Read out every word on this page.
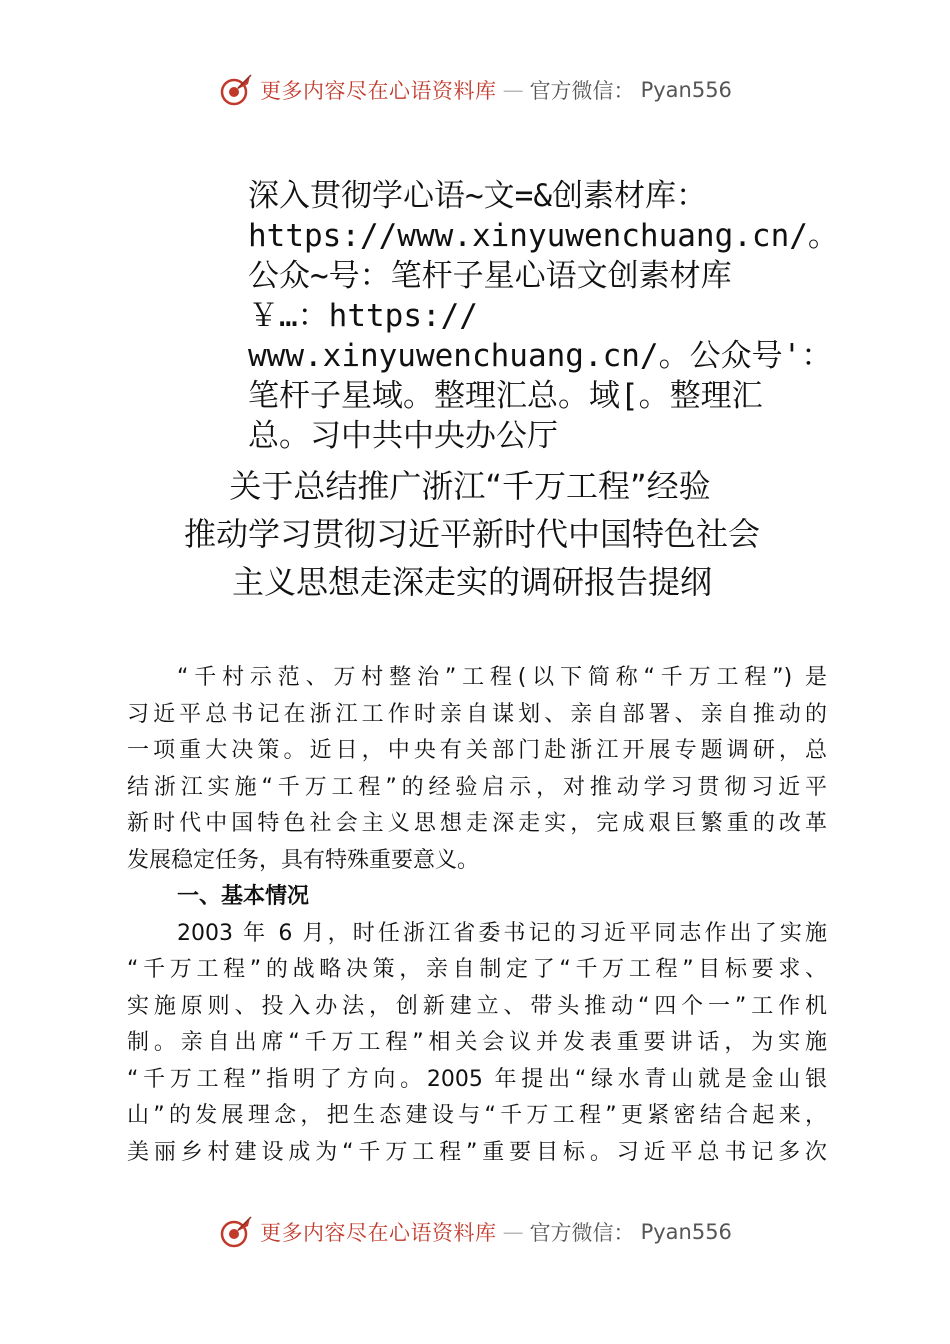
更多内容尽在心语资料库 — 官方微信： Pyan556
深入贯彻学心语~文=&创素材库：
https://www.xinyuwenchuang.cn/。
公众~号：笔杆子星心语文创素材库
￥…：https://
www.xinyuwenchuang.cn/。公众号'：
笔杆子星域。整理汇总。域[。整理汇
总。习中共中央办公厅
关于总结推广浙江“千万工程”经验
推动学习贯彻习近平新时代中国特色社会
主义思想走深走实的调研报告提纲
“千村示范、万村整治”工程(以下简称“千万工程”) 是
习近平总书记在浙江工作时亲自谋划、亲自部署、亲自推动的
一项重大决策。近日，中央有关部门赴浙江开展专题调研，总
结浙江实施“千万工程”的经验启示，对推动学习贯彻习近平
新时代中国特色社会主义思想走深走实，完成艰巨繁重的改革
发展稳定任务，具有特殊重要意义。
一、基本情况
2003 年 6 月，时任浙江省委书记的习近平同志作出了实施
“千万工程”的战略决策，亲自制定了“千万工程”目标要求、
实施原则、投入办法，创新建立、带头推动“四个一”工作机
制。亲自出席“千万工程”相关会议并发表重要讲话，为实施
“千万工程”指明了方向。2005 年提出“绿水青山就是金山银
山”的发展理念，把生态建设与“千万工程”更紧密结合起来，
美丽乡村建设成为“千万工程”重要目标。习近平总书记多次
更多内容尽在心语资料库 — 官方微信： Pyan556
